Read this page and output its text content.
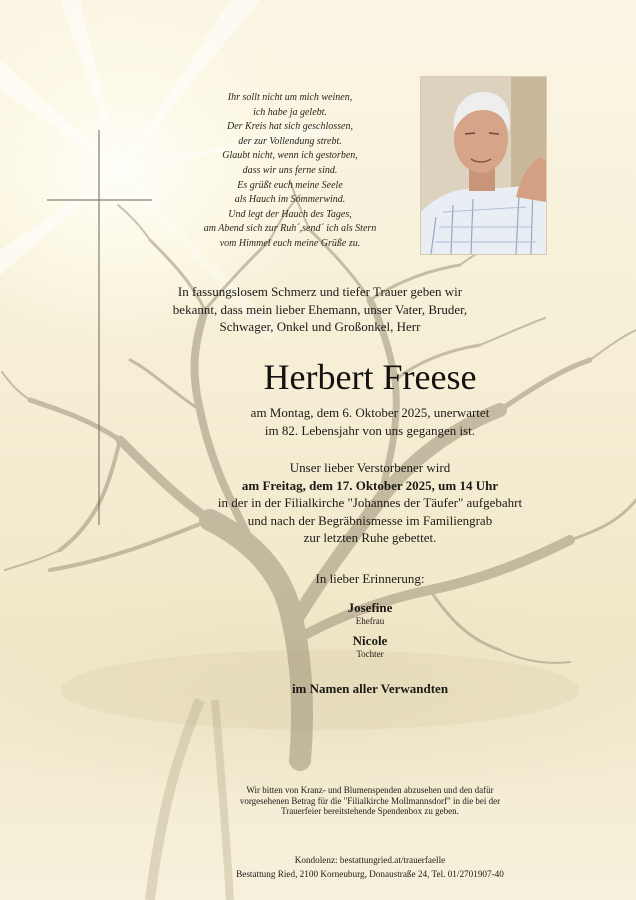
Ihr sollt nicht um mich weinen,
ich habe ja gelebt.
Der Kreis hat sich geschlossen,
der zur Vollendung strebt.
Glaubt nicht, wenn ich gestorben,
dass wir uns ferne sind.
Es grüßt euch meine Seele
als Hauch im Sommerwind.
Und legt der Hauch des Tages,
am Abend sich zur Ruh´,send´ ich als Stern
vom Himmel euch meine Grüße zu.
In fassungslosem Schmerz und tiefer Trauer geben wir
bekannt, dass mein lieber Ehemann, unser Vater, Bruder,
Schwager, Onkel und Großonkel, Herr
Herbert Freese
am Montag, dem 6. Oktober 2025, unerwartet
im 82. Lebensjahr von uns gegangen ist.
Unser lieber Verstorbener wird
am Freitag, dem 17. Oktober 2025, um 14 Uhr
in der in der Filialkirche "Johannes der Täufer" aufgebahrt
und nach der Begräbnismesse im Familiengrab
zur letzten Ruhe gebettet.
In lieber Erinnerung:
Josefine
Ehefrau
Nicole
Tochter
im Namen aller Verwandten
Wir bitten von Kranz- und Blumenspenden abzusehen und den dafür
vorgesehenen Betrag für die "Filialkirche Mollmannsdorf" in die bei der
Trauerfeier bereitstehende Spendenbox zu geben.
Kondolenz: bestattungried.at/trauerfaelle
Bestattung Ried, 2100 Korneuburg, Donaustraße 24, Tel. 01/2701907-40
